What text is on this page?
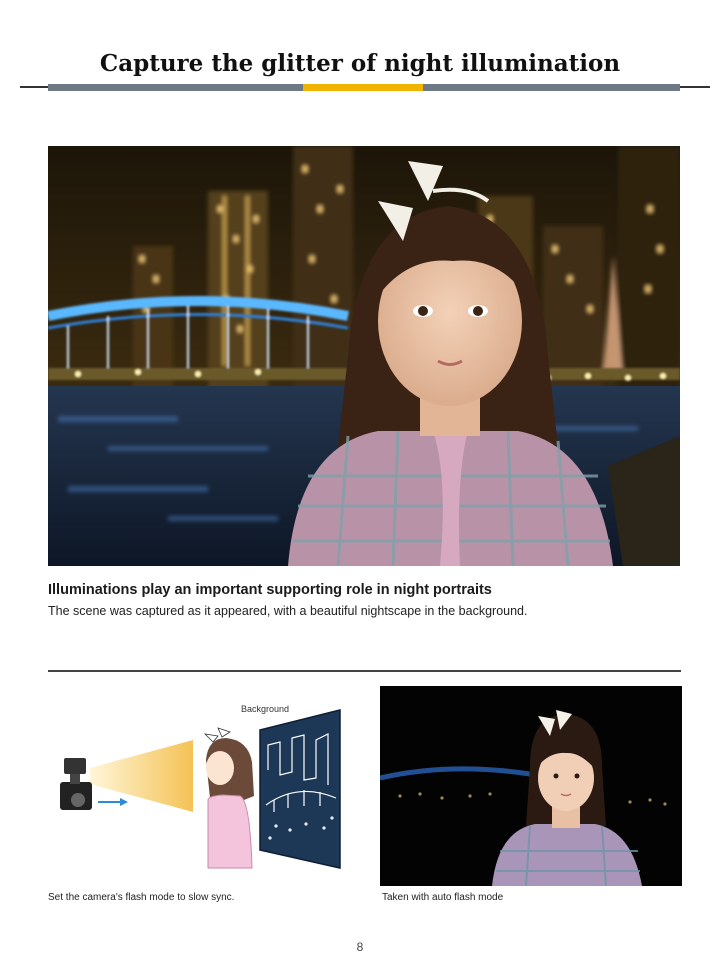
Capture the glitter of night illumination
Illuminations play an important supporting role in night portraits
The scene was captured as it appeared, with a beautiful nightscape in the background.
Background
Set the camera's flash mode to slow sync.	Taken with auto flash mode
8
